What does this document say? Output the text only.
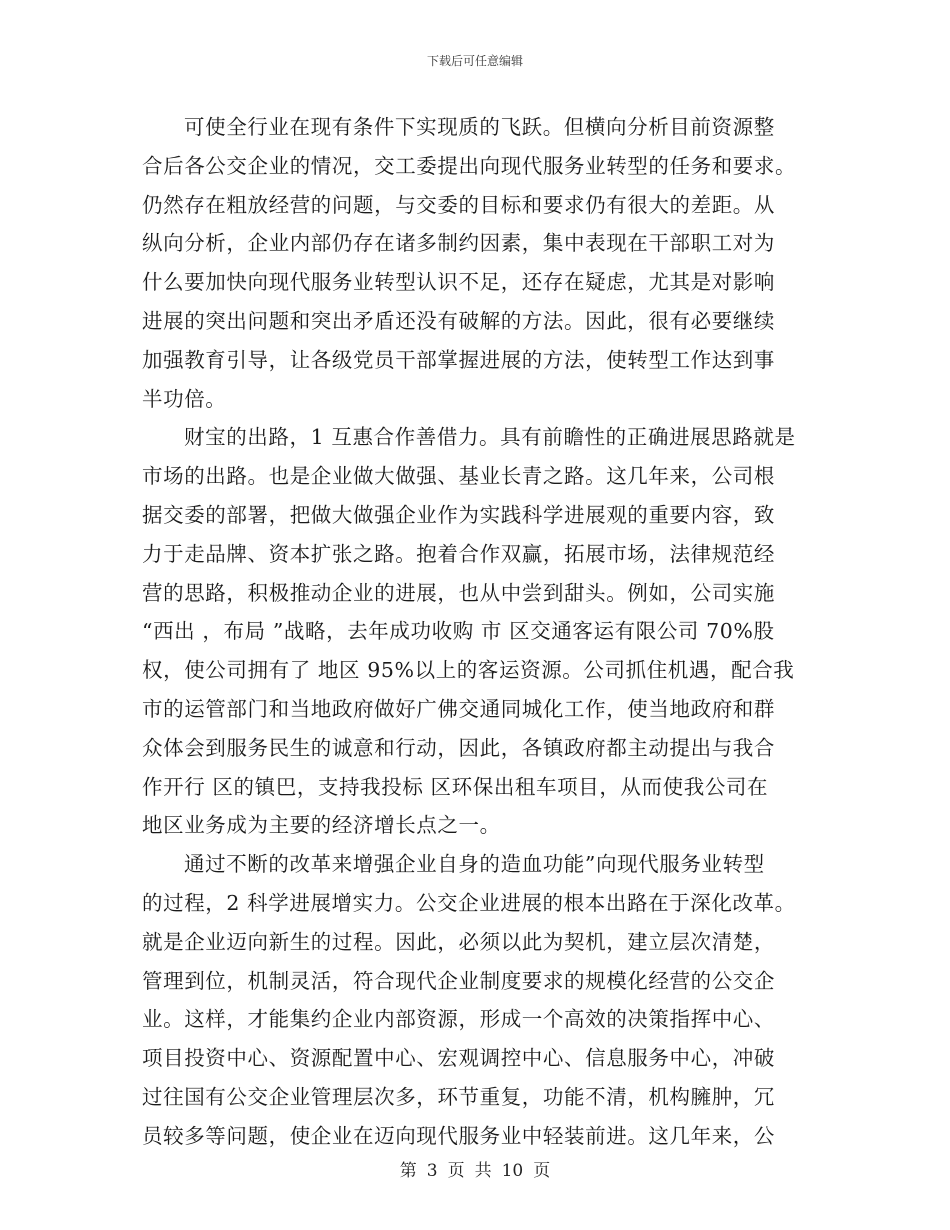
下载后可任意编辑
可使全行业在现有条件下实现质的飞跃。但横向分析目前资源整
合后各公交企业的情况，交工委提出向现代服务业转型的任务和要求。
仍然存在粗放经营的问题，与交委的目标和要求仍有很大的差距。从
纵向分析，企业内部仍存在诸多制约因素，集中表现在干部职工对为
什么要加快向现代服务业转型认识不足，还存在疑虑，尤其是对影响
进展的突出问题和突出矛盾还没有破解的方法。因此，很有必要继续
加强教育引导，让各级党员干部掌握进展的方法，使转型工作达到事
半功倍。
财宝的出路，1 互惠合作善借力。具有前瞻性的正确进展思路就是
市场的出路。也是企业做大做强、基业长青之路。这几年来，公司根
据交委的部署，把做大做强企业作为实践科学进展观的重要内容，致
力于走品牌、资本扩张之路。抱着合作双赢，拓展市场，法律规范经
营的思路，积极推动企业的进展，也从中尝到甜头。例如，公司实施
“西出 ，布局 ”战略，去年成功收购 市 区交通客运有限公司 70%股
权，使公司拥有了 地区 95%以上的客运资源。公司抓住机遇，配合我
市的运管部门和当地政府做好广佛交通同城化工作，使当地政府和群
众体会到服务民生的诚意和行动，因此，各镇政府都主动提出与我合
作开行 区的镇巴，支持我投标 区环保出租车项目，从而使我公司在
地区业务成为主要的经济增长点之一。
通过不断的改革来增强企业自身的造血功能”向现代服务业转型
的过程，2 科学进展增实力。公交企业进展的根本出路在于深化改革。
就是企业迈向新生的过程。因此，必须以此为契机，建立层次清楚，
管理到位，机制灵活，符合现代企业制度要求的规模化经营的公交企
业。这样，才能集约企业内部资源，形成一个高效的决策指挥中心、
项目投资中心、资源配置中心、宏观调控中心、信息服务中心，冲破
过往国有公交企业管理层次多，环节重复，功能不清，机构臃肿，冗
员较多等问题，使企业在迈向现代服务业中轻装前进。这几年来，公
第 3 页 共 10 页
